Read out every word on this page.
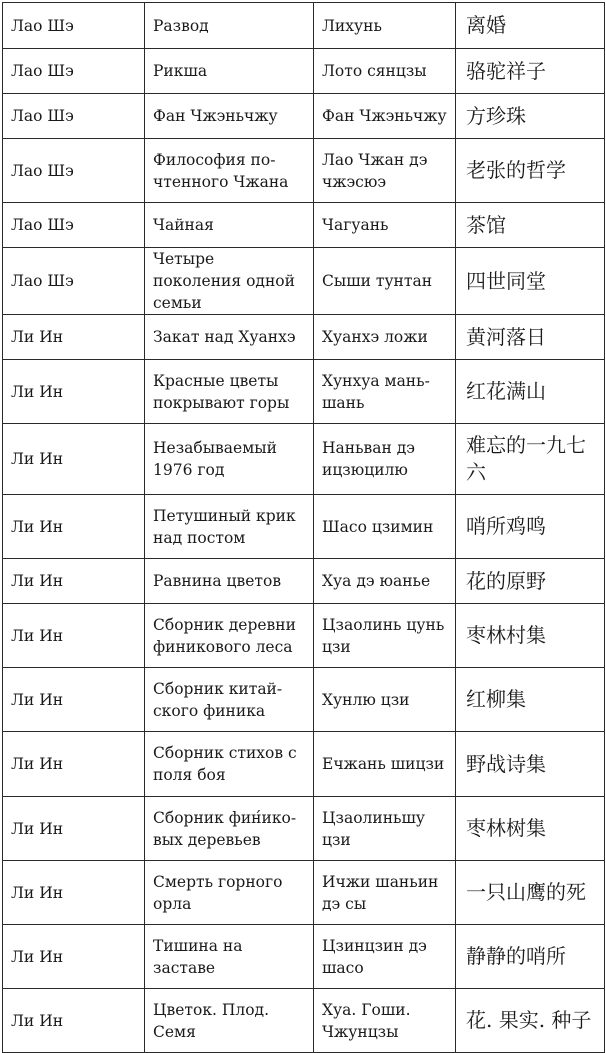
Лао Шэ	Развод	Лихунь	离婚
Лао Шэ	Рикша	Лото сянцзы	骆驼祥子
Лао Шэ	Фан Чжэньчжу	Фан Чжэньчжу	方珍珠
Лао Шэ	Философия по-чтенного Чжана	Лао Чжан дэ чжэсюэ	老张的哲学
Лао Шэ	Чайная	Чагуань	茶馆
Лао Шэ	Четыре поколения одной семьи	Сыши тунтан	四世同堂
Ли Ин	Закат над Хуанхэ	Хуанхэ ложи	黄河落日
Ли Ин	Красные цветы покрывают горы	Хунхуа мань-шань	红花满山
Ли Ин	Незабываемый 1976 год	Наньван дэ ицзюцилю	难忘的一九七 六
Ли Ин	Петушиный крик над постом	Шасо цзимин	哨所鸡鸣
Ли Ин	Равнина цветов	Хуа дэ юанье	花的原野
Ли Ин	Сборник деревни финикового леса	Цзаолинь цунь цзи	枣林村集
Ли Ин	Сборник китай-ского финика	Хунлю цзи	红柳集
Ли Ин	Сборник стихов с поля боя	Ечжань шицзи	野战诗集
Ли Ин	Сборник фин́ико-вых деревьев	Цзаолиньшу цзи	枣林树集
Ли Ин	Смерть горного орла	Ичжи шаньин дэ сы	一只山鹰的死
Ли Ин	Тишина на заставе	Цзинцзин дэ шасо	静静的哨所
Ли Ин	Цветок. Плод. Семя	Хуа. Гоши. Чжунцзы	花. 果实. 种子
